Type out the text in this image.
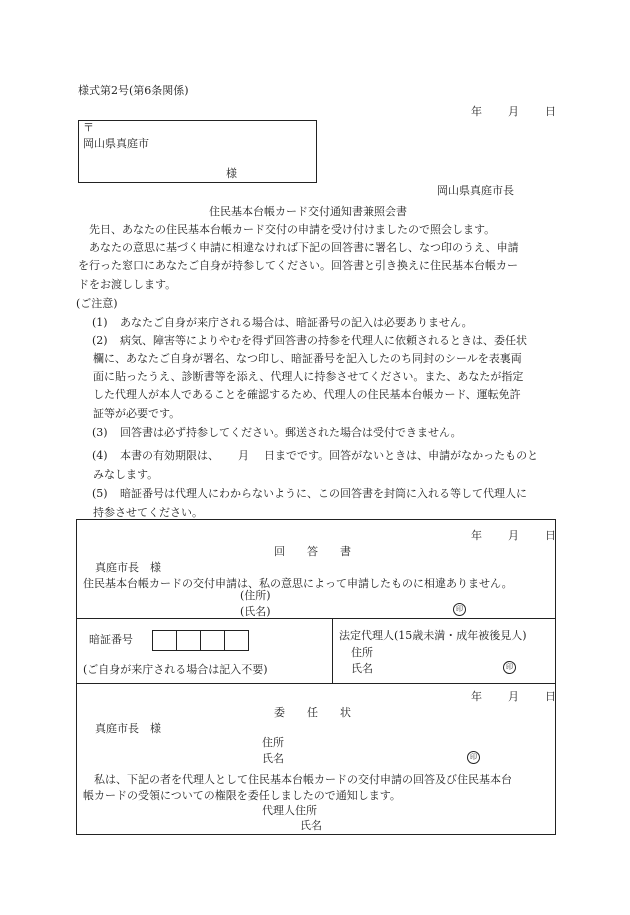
様式第2号(第6条関係)
年 月 日
〒
岡山県真庭市
様
岡山県真庭市長
住民基本台帳カード交付通知書兼照会書
先日、あなたの住民基本台帳カード交付の申請を受け付けましたので照会します。
あなたの意思に基づく申請に相違なければ下記の回答書に署名し、なつ印のうえ、申請
を行った窓口にあなたご自身が持参してください。回答書と引き換えに住民基本台帳カー
ドをお渡しします。
(ご注意)
(1) あなたご自身が来庁される場合は、暗証番号の記入は必要ありません。
(2) 病気、障害等によりやむを得ず回答書の持参を代理人に依頼されるときは、委任状
欄に、あなたご自身が署名、なつ印し、暗証番号を記入したのち同封のシールを表裏両
面に貼ったうえ、診断書等を添え、代理人に持参させてください。また、あなたが指定
した代理人が本人であることを確認するため、代理人の住民基本台帳カード、運転免許
証等が必要です。
(3) 回答書は必ず持参してください。郵送された場合は受付できません。
(4) 本書の有効期限は、 月 日までです。回答がないときは、申請がなかったものと
みなします。
(5) 暗証番号は代理人にわからないように、この回答書を封筒に入れる等して代理人に
持参させてください。
年 月 日
回答書
真庭市長　様
住民基本台帳カードの交付申請は、私の意思によって申請したものに相違ありません。
(住所)
(氏名)	印
暗証番号
(ご自身が来庁される場合は記入不要)
法定代理人(15歳未満・成年被後見人)
住所
氏名	印
年 月 日
委任状
真庭市長　様
住所
氏名	印
私は、下記の者を代理人として住民基本台帳カードの交付申請の回答及び住民基本台
帳カードの受領についての権限を委任しましたので通知します。
代理人住所
氏名
